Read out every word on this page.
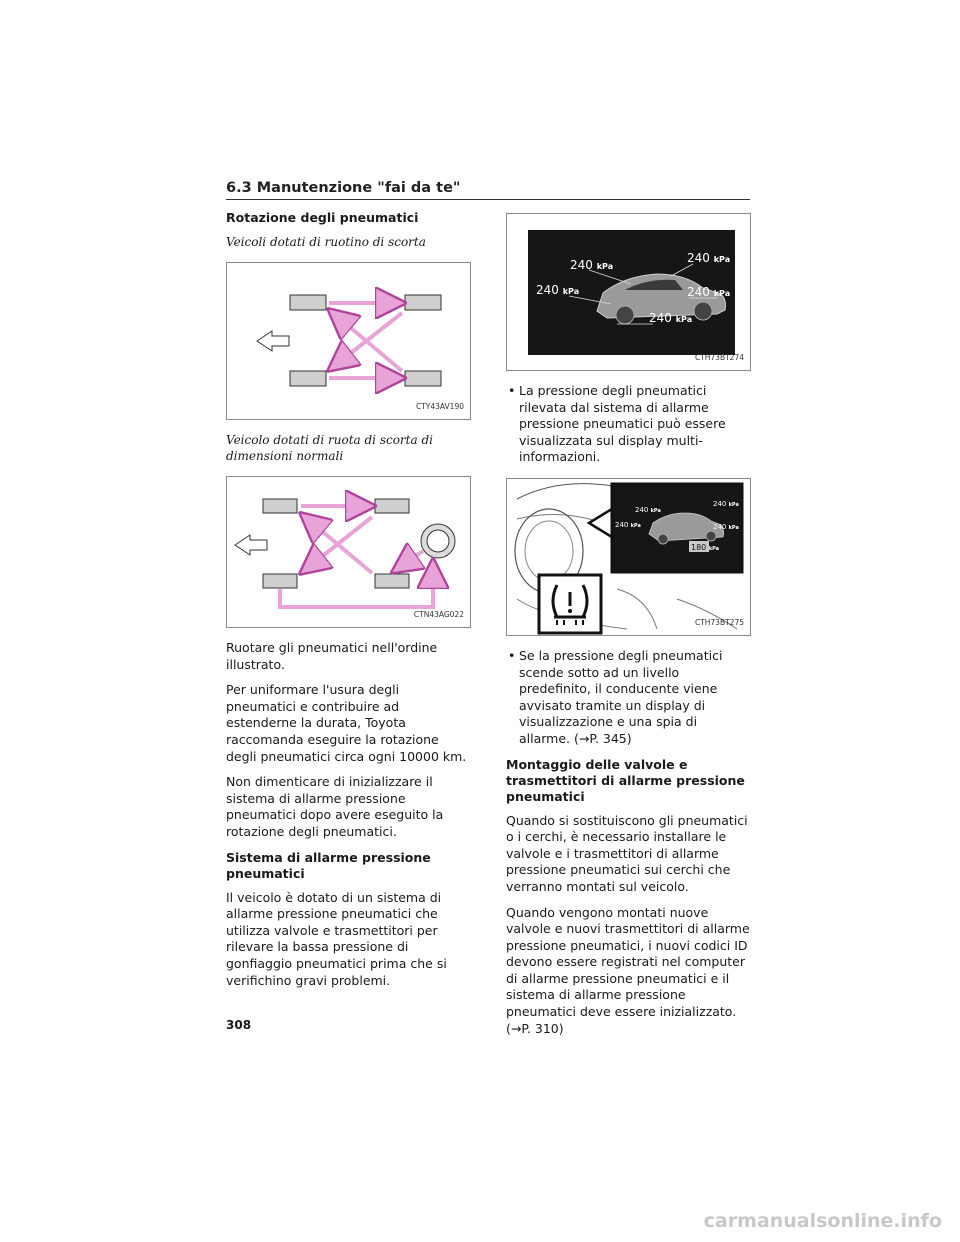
6.3 Manutenzione "fai da te"
Rotazione degli pneumatici

Veicoli dotati di ruotino di scorta

CTY43AV190

Veicolo dotati di ruota di scorta di dimensioni normali

CTN43AG022

Ruotare gli pneumatici nell'ordine illustrato.

Per uniformare l'usura degli pneumatici e contribuire ad estenderne la durata, Toyota raccomanda eseguire la rotazione degli pneumatici circa ogni 10000 km.

Non dimenticare di inizializzare il sistema di allarme pressione pneumatici dopo avere eseguito la rotazione degli pneumatici.

Sistema di allarme pressione pneumatici

Il veicolo è dotato di un sistema di allarme pressione pneumatici che utilizza valvole e trasmettitori per rilevare la bassa pressione di gonfiaggio pneumatici prima che si verifichino gravi problemi.

240 kPa
240 kPa
240 kPa	240 kPa
240 kPa
CTH73BT274
• La pressione degli pneumatici rilevata dal sistema di allarme pressione pneumatici può essere visualizzata sul display multi-informazioni.
240 kPa
240 kPa
240 kPa	240 kPa
180 kPa
CTH73BT275
• Se la pressione degli pneumatici scende sotto ad un livello predefinito, il conducente viene avvisato tramite un display di visualizzazione e una spia di allarme. (→P. 345)
Montaggio delle valvole e trasmettitori di allarme pressione pneumatici

Quando si sostituiscono gli pneumatici o i cerchi, è necessario installare le valvole e i trasmettitori di allarme pressione pneumatici sui cerchi che verranno montati sul veicolo.

Quando vengono montati nuove valvole e nuovi trasmettitori di allarme pressione pneumatici, i nuovi codici ID devono essere registrati nel computer di allarme pressione pneumatici e il sistema di allarme pressione pneumatici deve essere inizializzato. (→P. 310)

308
carmanualsonline.info
